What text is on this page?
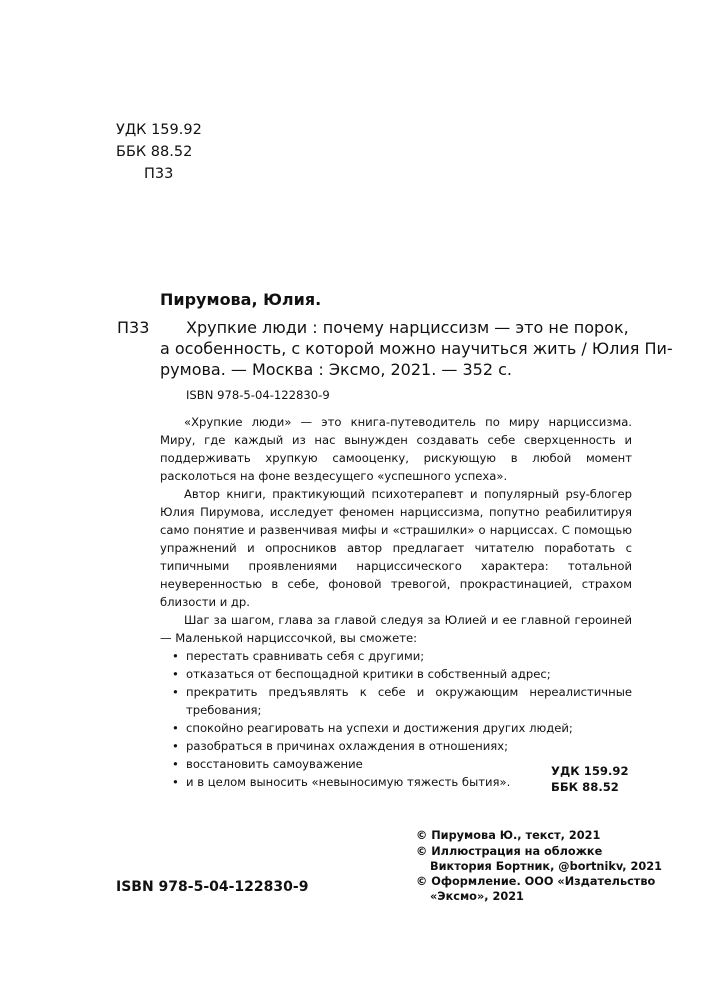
УДК 159.92
ББК 88.52
П33
Пирумова, Юлия.
П33 Хрупкие люди : почему нарциссизм — это не порок,
а особенность, с которой можно научиться жить / Юлия Пи-
румова. — Москва : Эксмо, 2021. — 352 с.
ISBN 978-5-04-122830-9

«Хрупкие люди» — это книга-путеводитель по миру нарциссизма. Миру, где каждый из нас вынужден создавать себе сверхценность и поддерживать хрупкую самооценку, рискующую в любой момент расколоться на фоне вездесущего «успешного успеха».

Автор книги, практикующий психотерапевт и популярный psy-блогер Юлия Пирумова, исследует феномен нарциссизма, попутно реабилитируя само понятие и развенчивая мифы и «страшилки» о нарциссах. С помощью упражнений и опросников автор предлагает читателю поработать с типичными проявлениями нарциссического характера: тотальной неуверенностью в себе, фоновой тревогой, прокрастинацией, страхом близости и др.

Шаг за шагом, глава за главой следуя за Юлией и ее главной героиней — Маленькой нарциссочкой, вы сможете:

• перестать сравнивать себя с другими;
• отказаться от беспощадной критики в собственный адрес;
• прекратить предъявлять к себе и окружающим нереалистичные требования;
• спокойно реагировать на успехи и достижения других людей;
• разобраться в причинах охлаждения в отношениях;
• восстановить самоуважение
• и в целом выносить «невыносимую тяжесть бытия».
УДК 159.92
ББК 88.52
ISBN 978-5-04-122830-9
© Пирумова Ю., текст, 2021
© Иллюстрация на обложке
Виктория Бортник, @bortnikv, 2021
© Оформление. ООО «Издательство
«Эксмо», 2021
